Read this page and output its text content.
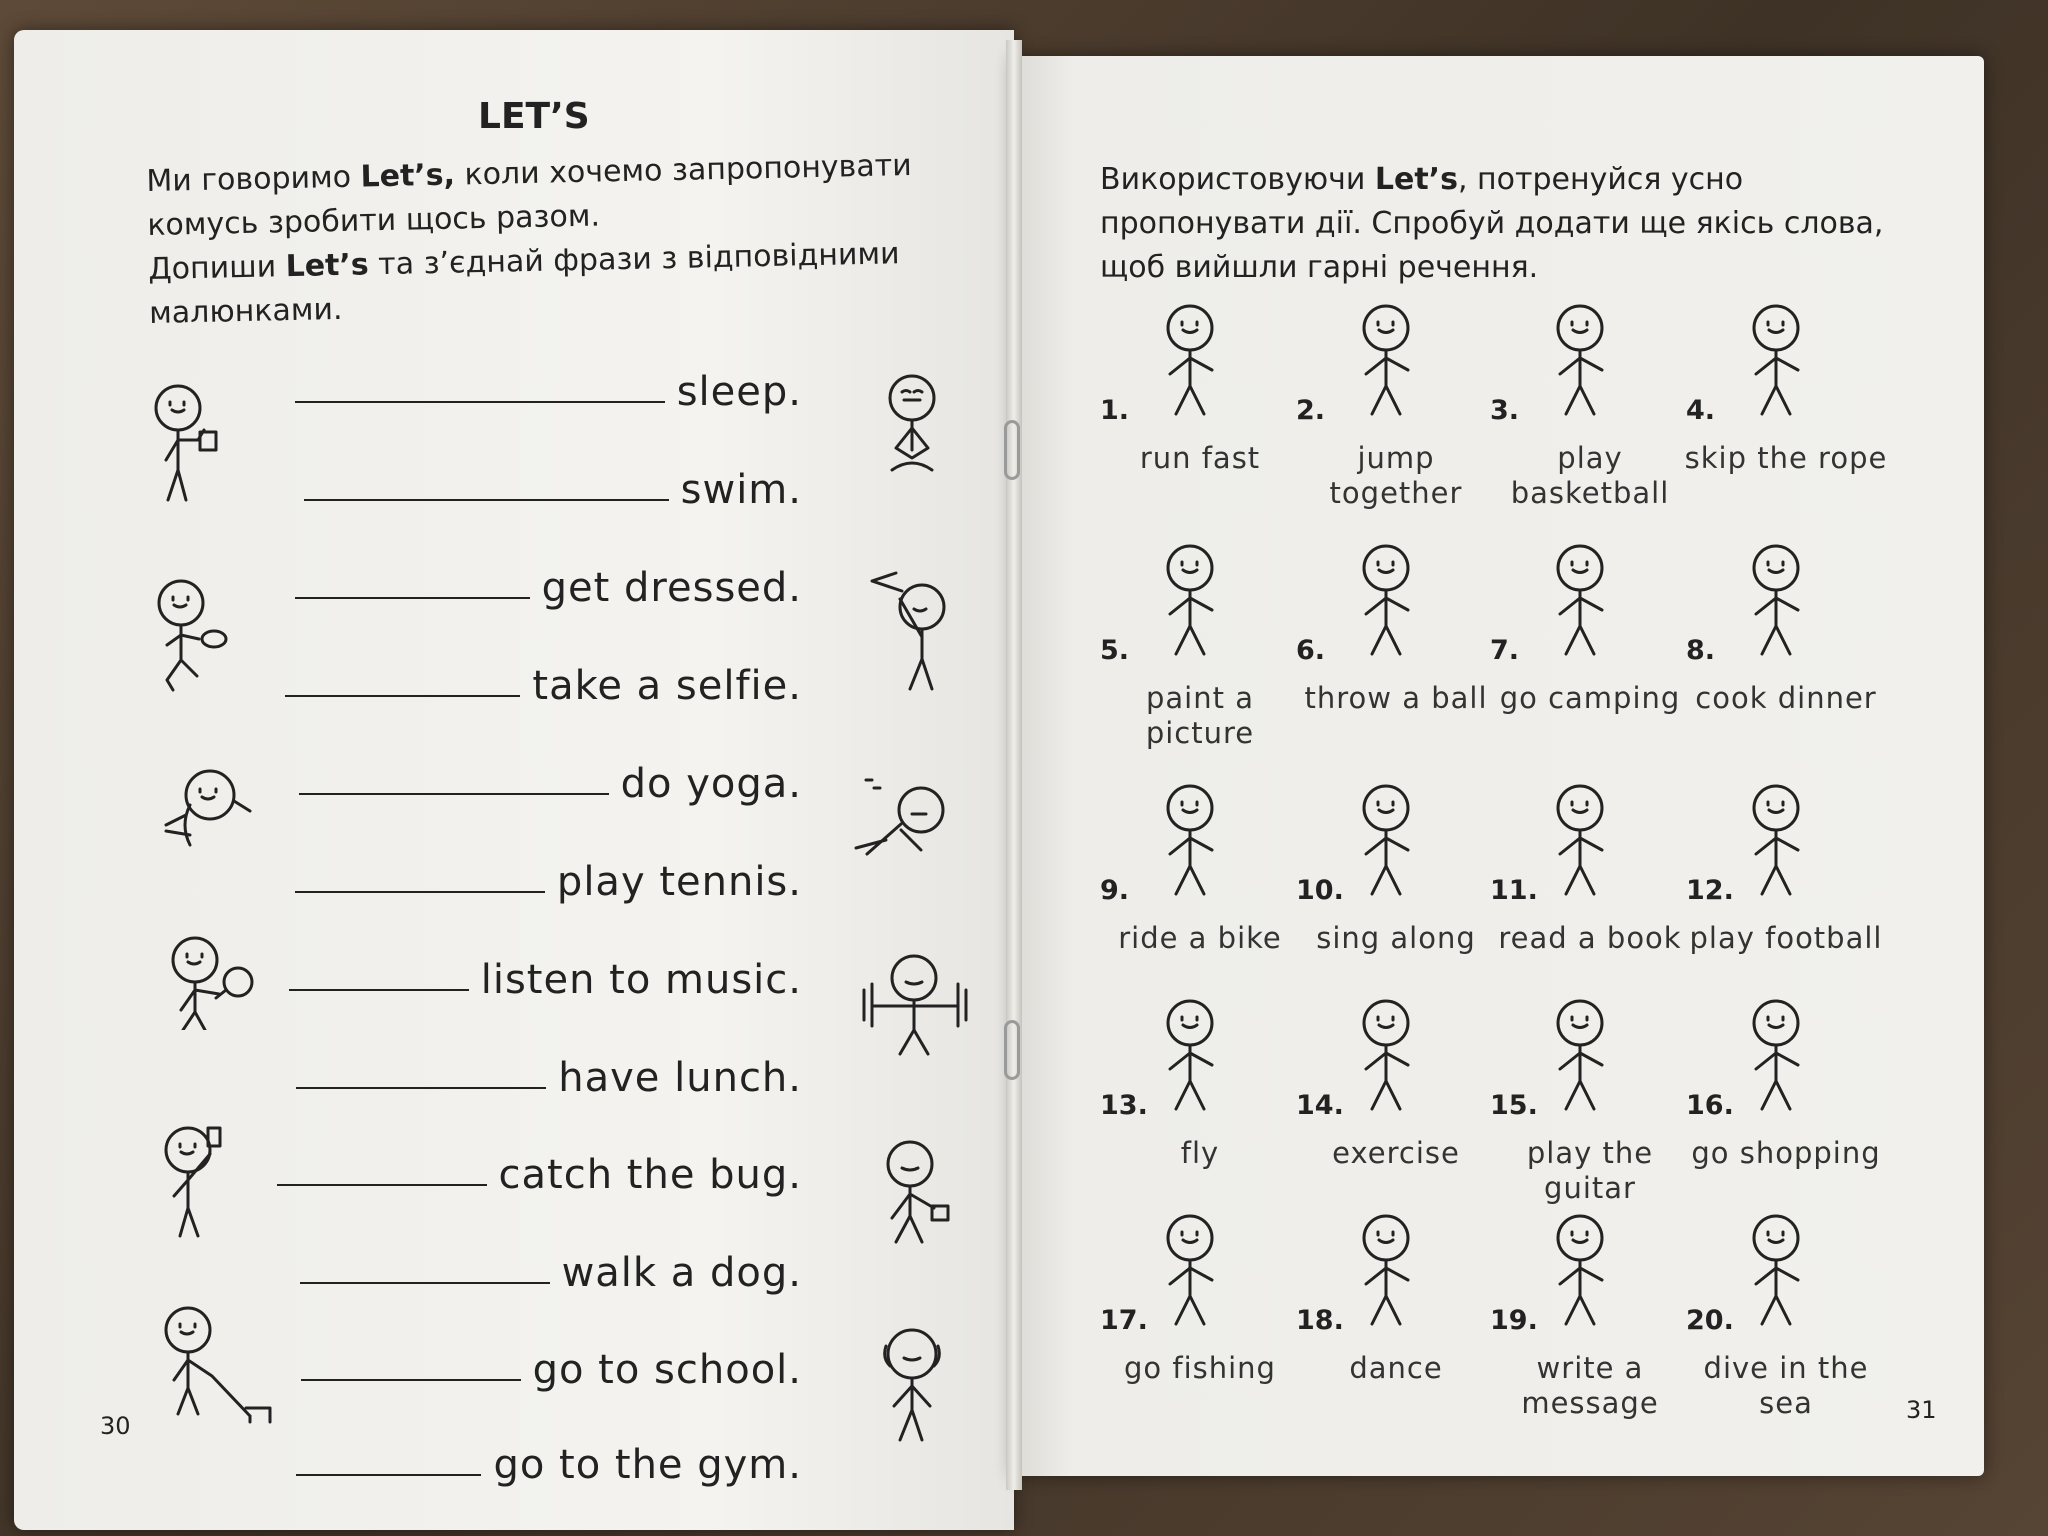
LET’S
Ми говоримо Let’s, коли хочемо запропонувати комусь зробити щось разом.
Допиши Let’s та з’єднай фрази з відповідними малюнками.
sleep.
swim.
get dressed.
take a selfie.
do yoga.
play tennis.
listen to music.
have lunch.
catch the bug.
walk a dog.
go to school.
go to the gym.
30
Використовуючи Let’s, потренуйся усно пропонувати дії. Спробуй додати ще якісь слова, щоб вийшли гарні речення.
1.
run fast
2.
jump together
3.
play basketball
4.
skip the rope
5.
paint a picture
6.
throw a ball
7.
go camping
8.
cook dinner
9.
ride a bike
10.
sing along
11.
read a book
12.
play football
13.
fly
14.
exercise
15.
play the guitar
16.
go shopping
17.
go fishing
18.
dance
19.
write a message
20.
dive in the sea	31
